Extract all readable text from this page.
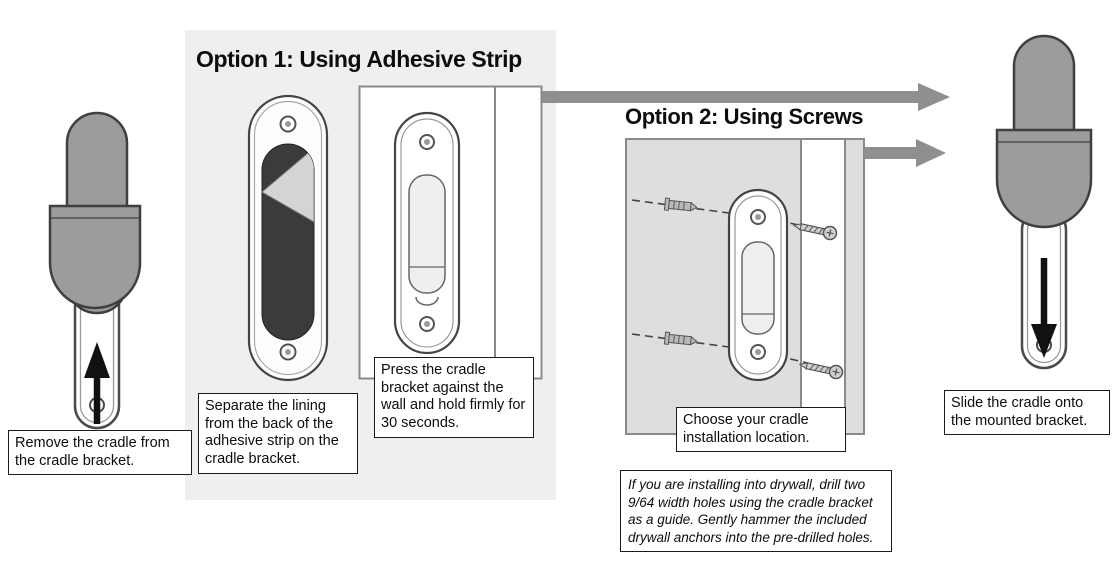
Remove the cradle from the cradle bracket.
Option 1: Using Adhesive Strip
Separate the lining from the back of the adhesive strip on the cradle bracket.
Press the cradle bracket against the wall and hold firmly for 30 seconds.
Option 2: Using Screws
Choose your cradle installation location.
If you are installing into drywall, drill two 9/64 width holes using the cradle bracket as a guide. Gently hammer the included drywall anchors into the pre-drilled holes.
Slide the cradle onto the mounted bracket.
